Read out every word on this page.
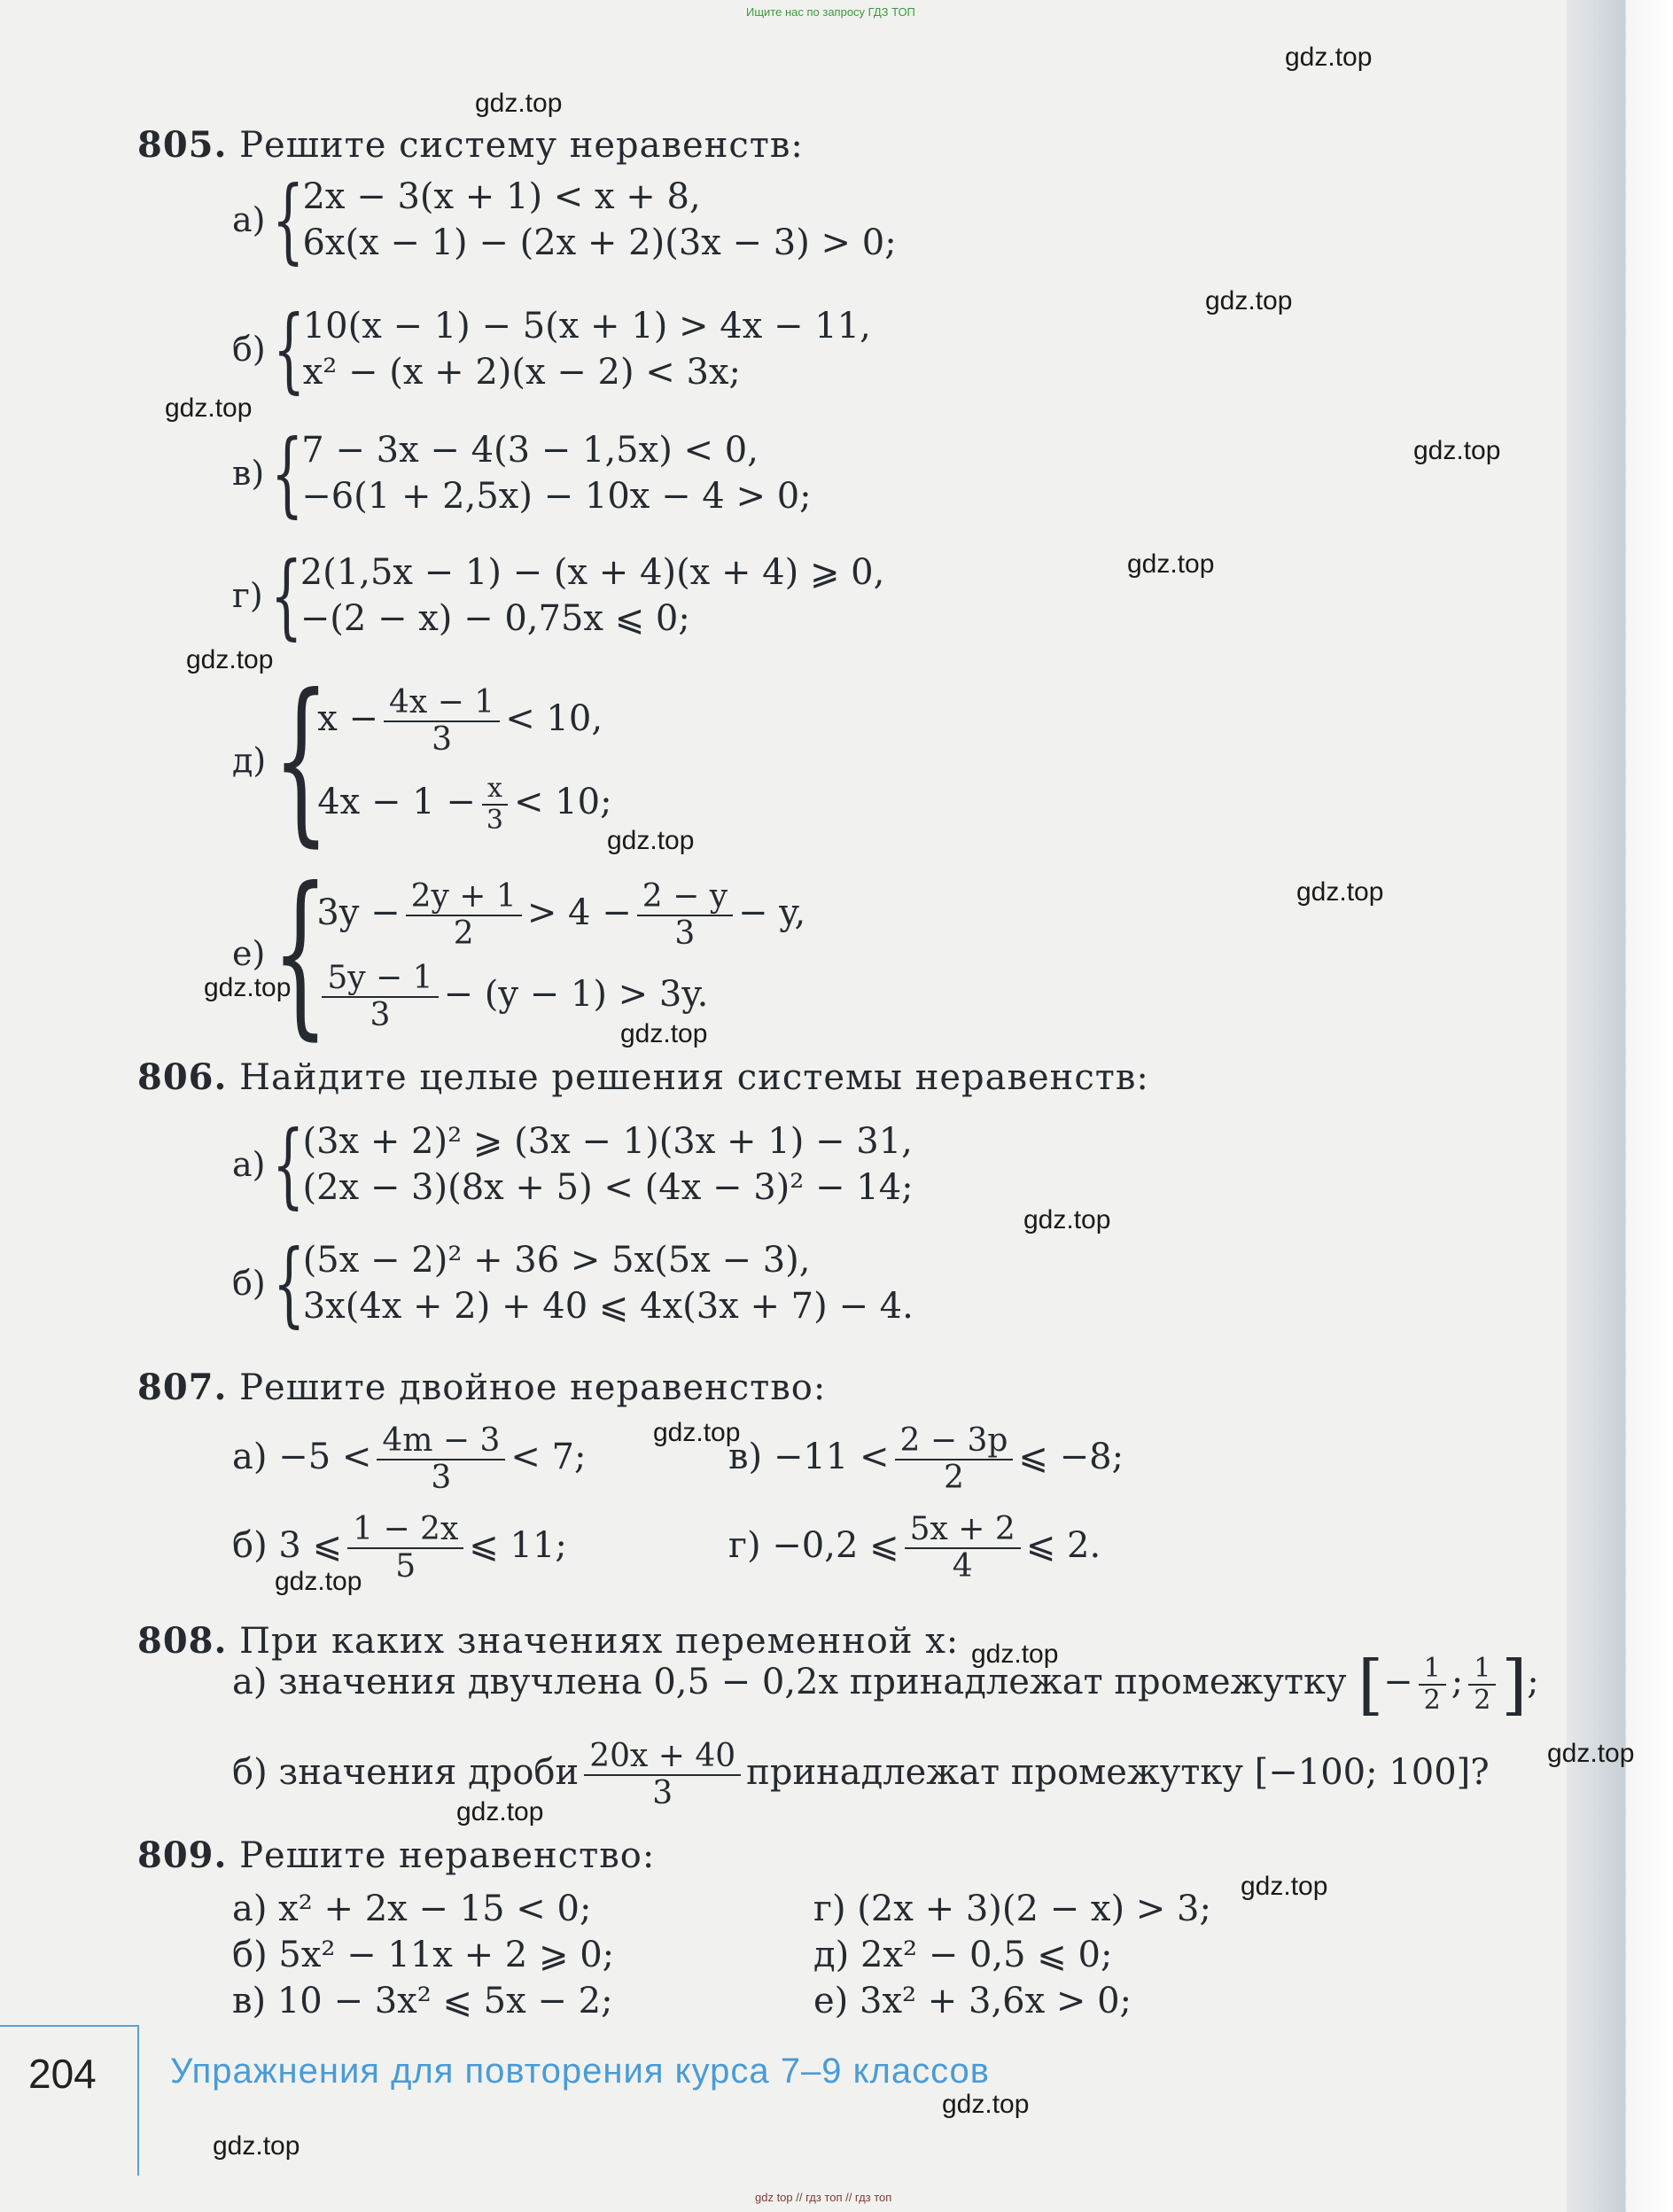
Ищите нас по запросу ГДЗ ТОП
gdz.top
gdz.top
gdz.top
gdz.top
gdz.top
gdz.top
gdz.top
gdz.top
gdz.top
gdz.top
gdz.top
gdz.top
gdz.top
gdz.top
gdz.top
gdz.top
gdz.top
gdz.top
gdz.top
gdz.top
805. Решите систему неравенств:
а) {
2x − 3(x + 1) < x + 8,
6x(x − 1) − (2x + 2)(3x − 3) > 0;
б) {
10(x − 1) − 5(x + 1) > 4x − 11,
x² − (x + 2)(x − 2) < 3x;
в) {
7 − 3x − 4(3 − 1,5x) < 0,
−6(1 + 2,5x) − 10x − 4 > 0;
г) {
2(1,5x − 1) − (x + 4)(x + 4) ⩾ 0,
−(2 − x) − 0,75x ⩽ 0;
д) {
$x - \frac{4x - 1}{3} < 10$,
$4x - 1 - \frac{x}{3} < 10$;
е) {
$3y - \frac{2y + 1}{2} > 4 - \frac{2 - y}{3} - y$,
$\frac{5y - 1}{3} - (y - 1) > 3y$.
806. Найдите целые решения системы неравенств:
а) {
(3x + 2)² ⩾ (3x − 1)(3x + 1) − 31,
(2x − 3)(8x + 5) < (4x − 3)² − 14;
б) {
(5x − 2)² + 36 > 5x(5x − 3),
3x(4x + 2) + 40 ⩽ 4x(3x + 7) − 4.
807. Решите двойное неравенство:
$а) -5 < \frac{4m - 3}{3} < 7$;	$в) -11 < \frac{2 - 3p}{2}$ ⩽ −8;
б) 3 ⩽ $\frac{1 - 2x}{5}$ ⩽ 11;	г) −0,2 ⩽ $\frac{5x + 2}{4}$ ⩽ 2.
808. При каких значениях переменной x:
а) значения двучлена 0,5 − 0,2x принадлежат промежутку [− $\frac{1}{2}$ ; $\frac{1}{2}$ ];
б) значения дроби $\frac{20x + 40}{3}$ принадлежат промежутку [−100; 100]?
809. Решите неравенство:
а) x² + 2x − 15 < 0;	г) (2x + 3)(2 − x) > 3;
б) 5x² − 11x + 2 ⩾ 0;	д) 2x² − 0,5 ⩽ 0;
в) 10 − 3x² ⩽ 5x − 2;	е) 3x² + 3,6x > 0;
204 Упражнения для повторения курса 7–9 классов
gdz top // гдз топ // гдз топ
